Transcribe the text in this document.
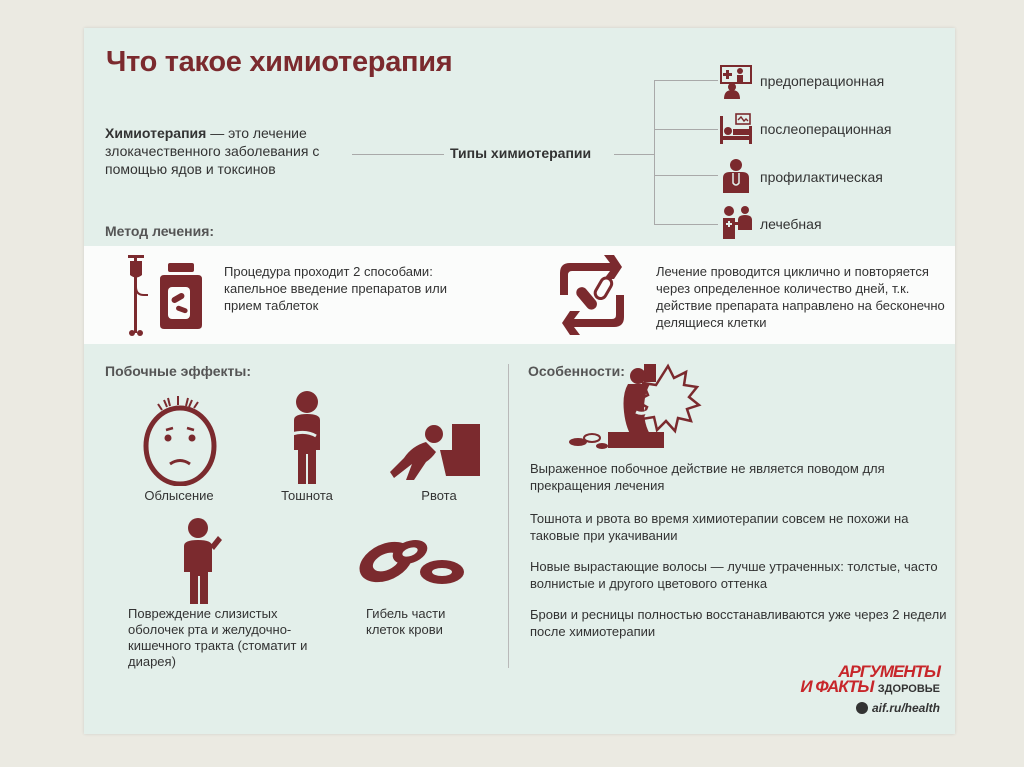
Что такое химиотерапия
Химиотерапия — это лечение злокачественного заболевания с помощью ядов и токсинов
Типы химиотерапии
предоперационная
послеоперационная
профилактическая
лечебная
Метод лечения:
Процедура проходит 2 способами: капельное введение препаратов или прием таблеток
Лечение проводится циклично и повторяется через определенное количество дней, т.к. действие препарата направлено на бесконечно делящиеся клетки
Побочные эффекты:
Облысение	Тошнота	Рвота
Повреждение слизистых оболочек рта и желудочно-кишечного тракта (стоматит и диарея)
Гибель части клеток крови
Особенности:
Выраженное побочное действие не является поводом для прекращения лечения
Тошнота и рвота во время химиотерапии совсем не похожи на таковые при укачивании
Новые вырастающие волосы — лучше утраченных: толстые, часто волнистые и другого цветового оттенка
Брови и ресницы полностью восстанавливаются уже через 2 недели после химиотерапии
АРГУМЕНТЫ
И ФАКТЫ ЗДОРОВЬЕ
aif.ru/health
